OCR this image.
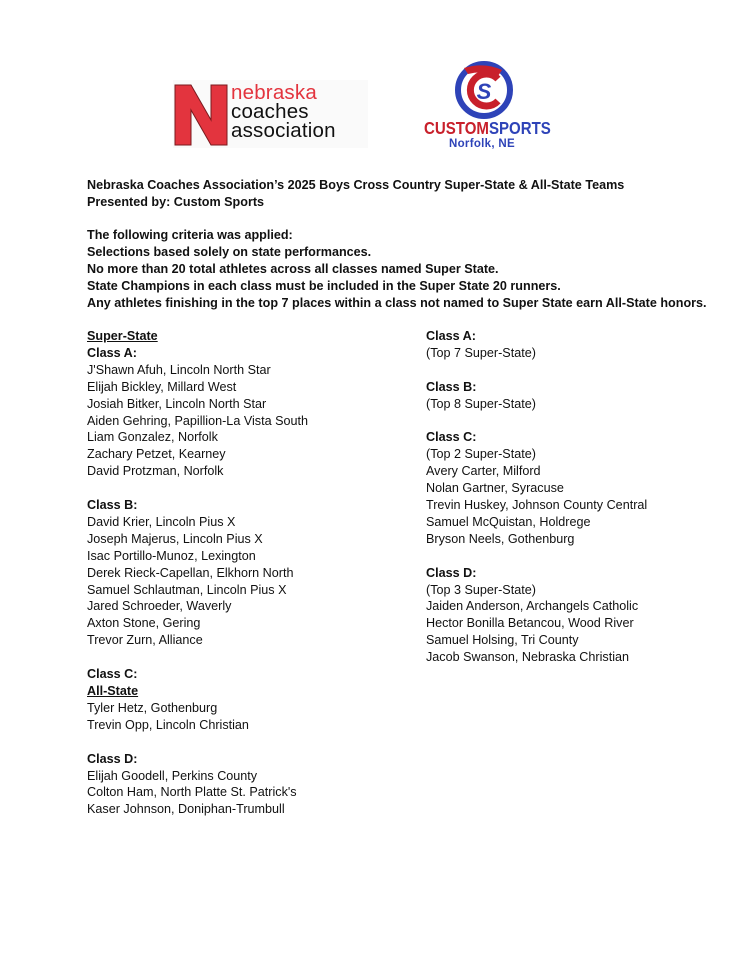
nebraska
coaches
association
S
CUSTOMSPORTS
Norfolk, NE
Nebraska Coaches Association’s 2025 Boys Cross Country Super-State & All-State Teams
Presented by: Custom Sports
The following criteria was applied:
Selections based solely on state performances.
No more than 20 total athletes across all classes named Super State.
State Champions in each class must be included in the Super State 20 runners.
Any athletes finishing in the top 7 places within a class not named to Super State earn All-State honors.
Super-State
Class A:
J'Shawn Afuh, Lincoln North Star
Elijah Bickley, Millard West
Josiah Bitker, Lincoln North Star
Aiden Gehring, Papillion-La Vista South
Liam Gonzalez, Norfolk
Zachary Petzet, Kearney
David Protzman, Norfolk
Class B:
David Krier, Lincoln Pius X
Joseph Majerus, Lincoln Pius X
Isac Portillo-Munoz, Lexington
Derek Rieck-Capellan, Elkhorn North
Samuel Schlautman, Lincoln Pius X
Jared Schroeder, Waverly
Axton Stone, Gering
Trevor Zurn, Alliance
Class C:
All-State
Tyler Hetz, Gothenburg
Trevin Opp, Lincoln Christian
Class D:
Elijah Goodell, Perkins County
Colton Ham, North Platte St. Patrick's
Kaser Johnson, Doniphan-Trumbull
Class A:
(Top 7 Super-State)
Class B:
(Top 8 Super-State)
Class C:
(Top 2 Super-State)
Avery Carter, Milford
Nolan Gartner, Syracuse
Trevin Huskey, Johnson County Central
Samuel McQuistan, Holdrege
Bryson Neels, Gothenburg
Class D:
(Top 3 Super-State)
Jaiden Anderson, Archangels Catholic
Hector Bonilla Betancou, Wood River
Samuel Holsing, Tri County
Jacob Swanson, Nebraska Christian
